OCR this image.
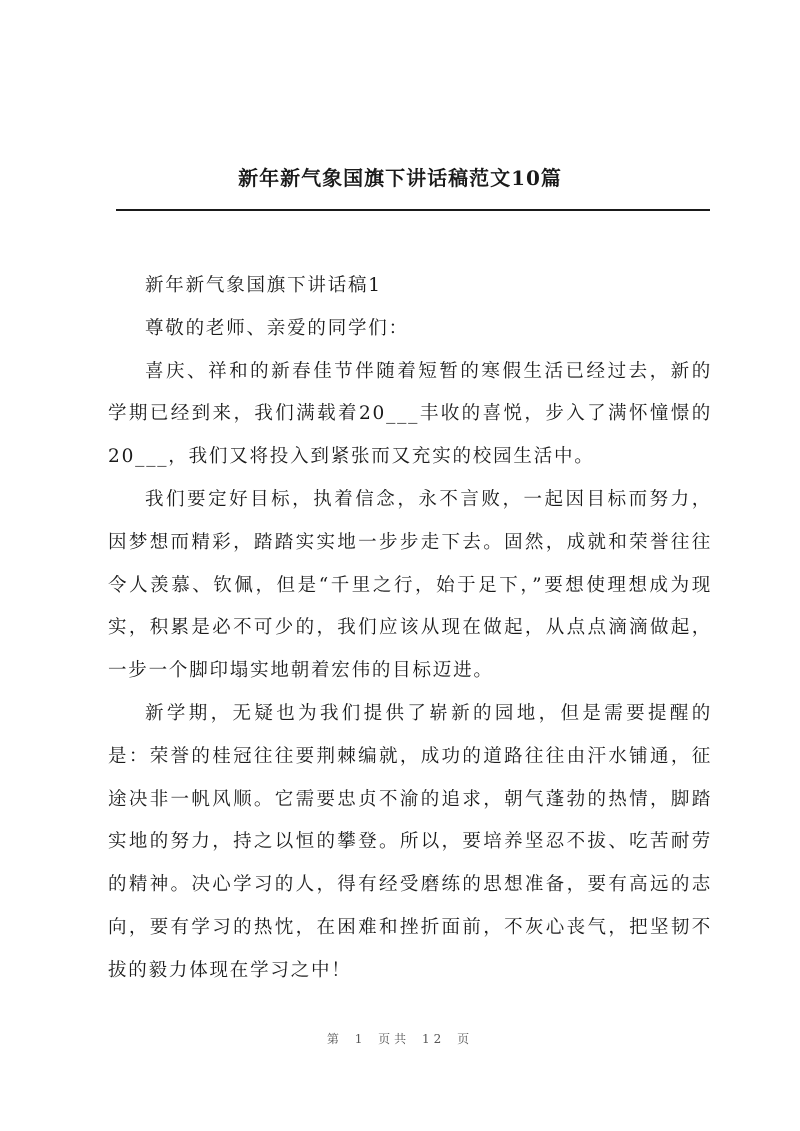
新年新气象国旗下讲话稿范文10篇

新年新气象国旗下讲话稿1

尊敬的老师、亲爱的同学们：

喜庆、祥和的新春佳节伴随着短暂的寒假生活已经过去，新的学期已经到来，我们满载着20___丰收的喜悦，步入了满怀憧憬的20___，我们又将投入到紧张而又充实的校园生活中。

我们要定好目标，执着信念，永不言败，一起因目标而努力，因梦想而精彩，踏踏实实地一步步走下去。固然，成就和荣誉往往令人羡慕、钦佩，但是“千里之行，始于足下，”要想使理想成为现实，积累是必不可少的，我们应该从现在做起，从点点滴滴做起，一步一个脚印塌实地朝着宏伟的目标迈进。

新学期，无疑也为我们提供了崭新的园地，但是需要提醒的是：荣誉的桂冠往往要荆棘编就，成功的道路往往由汗水铺通，征途决非一帆风顺。它需要忠贞不渝的追求，朝气蓬勃的热情，脚踏实地的努力，持之以恒的攀登。所以，要培养坚忍不拔、吃苦耐劳的精神。决心学习的人，得有经受磨练的思想准备，要有高远的志向，要有学习的热忱，在困难和挫折面前，不灰心丧气，把坚韧不拔的毅力体现在学习之中！

第 1 页共 12 页
